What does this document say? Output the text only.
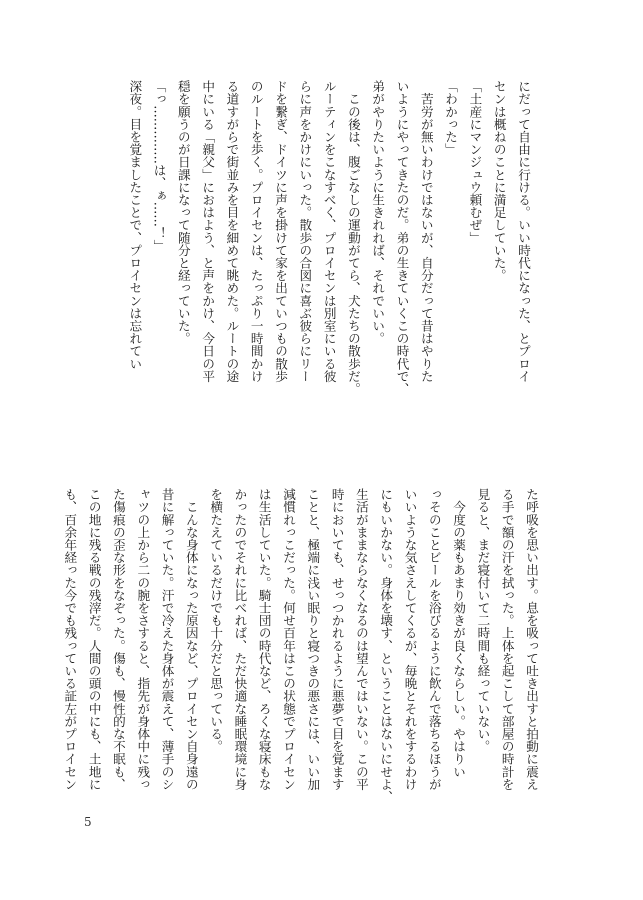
にだって自由に行ける。いい時代になった、とプロイ

センは概ねのことに満足していた。

「土産にマンジュウ頼むぜ」

「わかった」

　苦労が無いわけではないが、自分だって昔はやりた

いようにやってきたのだ。弟の生きていくこの時代で、

弟がやりたいように生きれれば、それでいい。

　この後は、腹ごなしの運動がてら、犬たちの散歩だ。

ルーティンをこなすべく、プロイセンは別室にいる彼

らに声をかけにいった。散歩の合図に喜ぶ彼らにリー

ドを繋ぎ、ドイツに声を掛けて家を出ていつもの散歩

のルートを歩く。プロイセンは、たっぷり一時間かけ

る道すがらで街並みを目を細めて眺めた。ルートの途

中にいる「親父」におはよう、と声をかけ、今日の平

穏を願うのが日課になって随分と経っていた。

「っ……‥……は、ぁ……！」

深夜。目を覚ましたことで、プロイセンは忘れてい

た呼吸を思い出す。息を吸って吐き出すと拍動に震え

る手で額の汗を拭った。上体を起こして部屋の時計を

見ると、まだ寝付いて二時間も経っていない。

　今度の薬もあまり効きが良くならしい。やはりい

っそのことビールを浴びるように飲んで落ちるほうが

いいような気さえしてくるが、毎晩とそれをするわけ

にもいかない。身体を壊す、ということはないにせよ、

生活がままならなくなるのは望んではいない。この平

時においても、せっつかれるように悪夢で目を覚ます

ことと、極端に浅い眠りと寝つきの悪さには、いい加

減慣れっこだった。何せ百年はこの状態でプロイセン

は生活していた。騎士団の時代など、ろくな寝床もな

かったのでそれに比べれば、ただ快適な睡眠環境に身

を横たえているだけでも十分だと思っている。

　こんな身体になった原因など、プロイセン自身遠の

昔に解っていた。汗で冷えた身体が震えて、薄手のシ

ャツの上から二の腕をさすると、指先が身体中に残っ

た傷痕の歪な形をなぞった。傷も、慢性的な不眠も、

この地に残る戦の残滓だ。人間の頭の中にも、土地に

も、百余年経った今でも残っている証左がプロイセン

5
